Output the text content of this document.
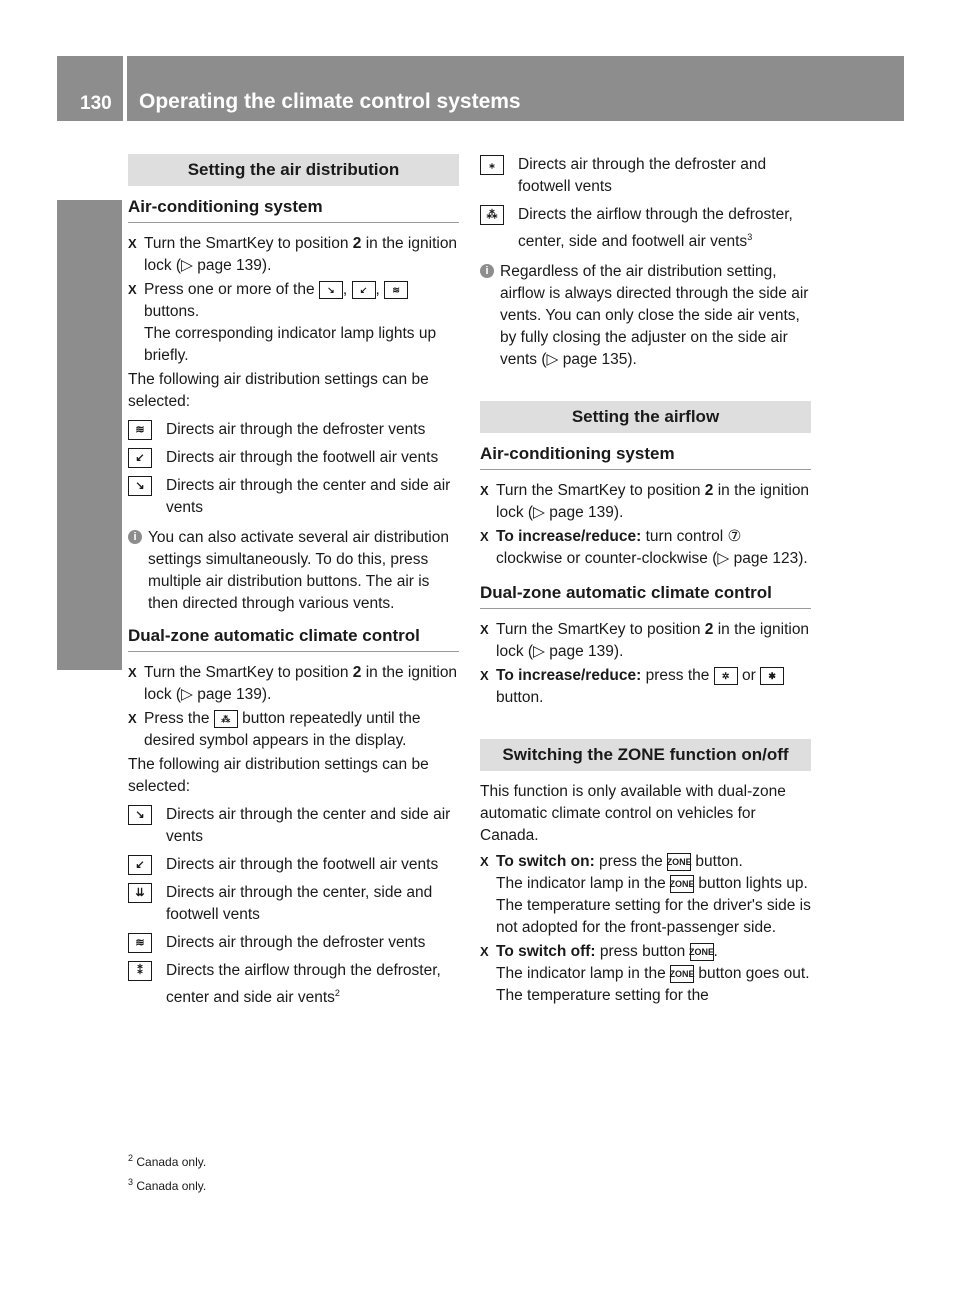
130 Operating the climate control systems
Climate control
Setting the air distribution
Air-conditioning system
X Turn the SmartKey to position 2 in the ignition lock (▷ page 139).
X Press one or more of the ↘ , ↙ , ≋ buttons.
The corresponding indicator lamp lights up briefly.

The following air distribution settings can be selected:

≋	Directs air through the defroster vents
↙	Directs air through the footwell air vents
↘	Directs air through the center and side air vents
i You can also activate several air distribution settings simultaneously. To do this, press multiple air distribution buttons. The air is then directed through various vents.
Dual-zone automatic climate control
X Turn the SmartKey to position 2 in the ignition lock (▷ page 139).
X Press the ⁂ button repeatedly until the desired symbol appears in the display.

The following air distribution settings can be selected:

↘	Directs air through the center and side air vents
↙	Directs air through the footwell air vents
⇊	Directs air through the center, side and footwell vents
≋	Directs air through the defroster vents
⁑	Directs the airflow through the defroster, center and side air vents$^2$
⁎	Directs air through the defroster and footwell vents
⁂	Directs the airflow through the defroster, center, side and footwell air vents$^3$
i Regardless of the air distribution setting, airflow is always directed through the side air vents. You can only close the side air vents, by fully closing the adjuster on the side air vents (▷ page 135).
Setting the airflow
Air-conditioning system
X Turn the SmartKey to position 2 in the ignition lock (▷ page 139).
X To increase/reduce: turn control ⑦ clockwise or counter-clockwise (▷ page 123).
Dual-zone automatic climate control
X Turn the SmartKey to position 2 in the ignition lock (▷ page 139).
X To increase/reduce: press the ✲ or ✱ button.
Switching the ZONE function on/off

This function is only available with dual-zone automatic climate control on vehicles for Canada.

X To switch on: press the ZONE button.
The indicator lamp in the ZONE button lights up. The temperature setting for the driver's side is not adopted for the front-passenger side.
X To switch off: press button ZONE.
The indicator lamp in the ZONE button goes out. The temperature setting for the
$^2$ Canada only.
$^3$ Canada only.
